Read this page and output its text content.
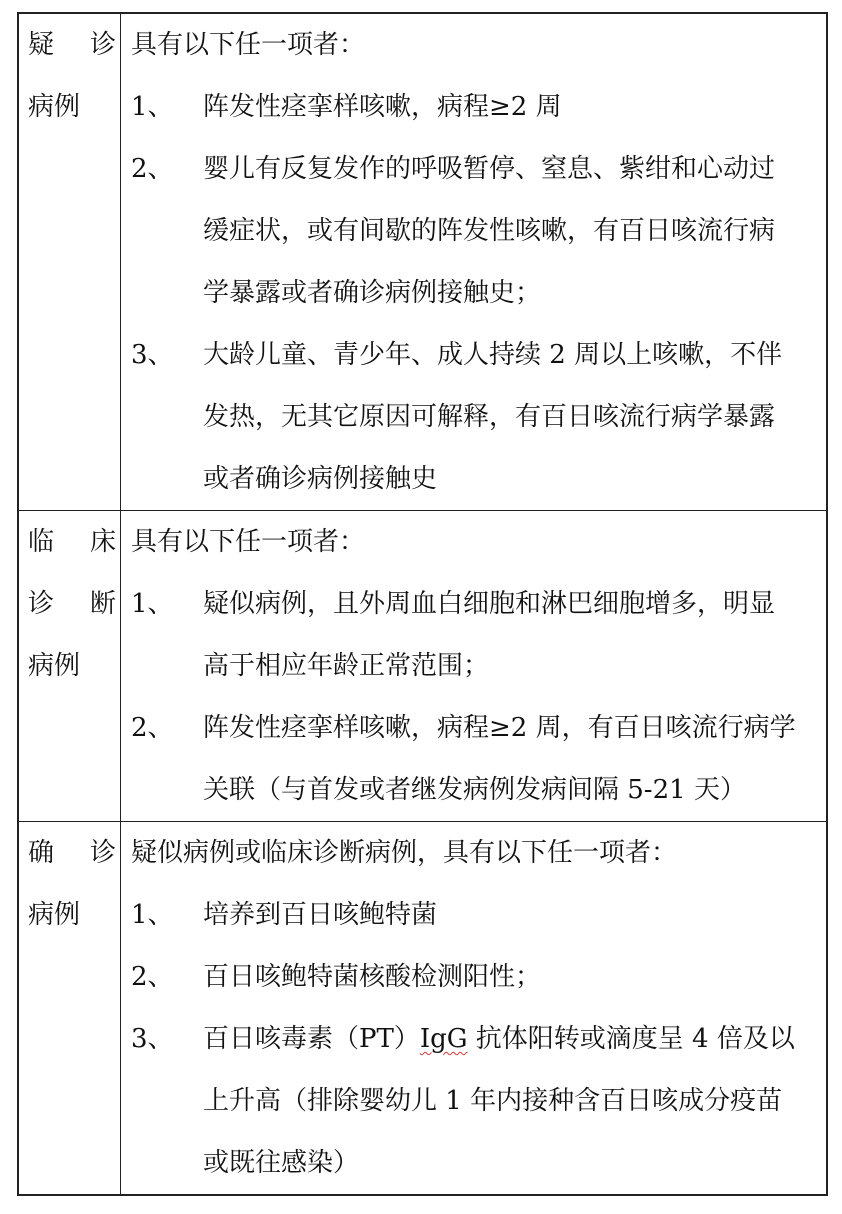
疑 诊
病例
具有以下任一项者：
1、	阵发性痉挛样咳嗽，病程≥2 周
2、	婴儿有反复发作的呼吸暂停、窒息、紫绀和心动过
缓症状，或有间歇的阵发性咳嗽，有百日咳流行病
学暴露或者确诊病例接触史；
3、	大龄儿童、青少年、成人持续 2 周以上咳嗽，不伴
发热，无其它原因可解释，有百日咳流行病学暴露
或者确诊病例接触史
临 床
诊 断
病例
具有以下任一项者：
1、	疑似病例，且外周血白细胞和淋巴细胞增多，明显
高于相应年龄正常范围；
2、	阵发性痉挛样咳嗽，病程≥2 周，有百日咳流行病学
关联（与首发或者继发病例发病间隔 5-21 天）
确 诊
病例
疑似病例或临床诊断病例，具有以下任一项者：
1、	培养到百日咳鲍特菌
2、	百日咳鲍特菌核酸检测阳性；
3、	百日咳毒素（PT）IgG 抗体阳转或滴度呈 4 倍及以
上升高（排除婴幼儿 1 年内接种含百日咳成分疫苗
或既往感染）
